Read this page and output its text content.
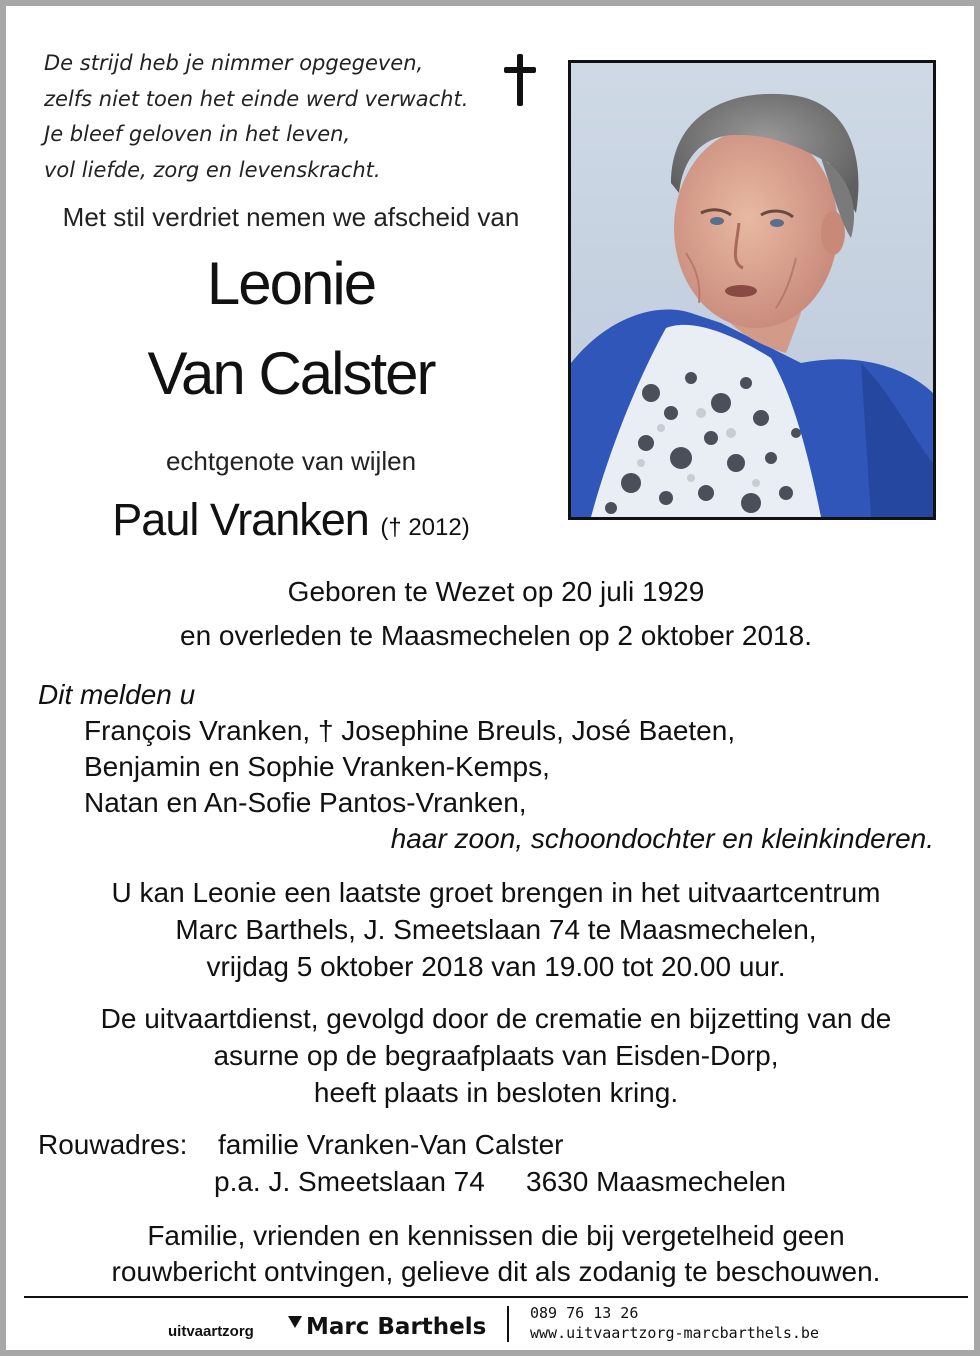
De strijd heb je nimmer opgegeven,
zelfs niet toen het einde werd verwacht.
Je bleef geloven in het leven,
vol liefde, zorg en levenskracht.
Met stil verdriet nemen we afscheid van
Leonie
Van Calster
echtgenote van wijlen
Paul Vranken († 2012)
Geboren te Wezet op 20 juli 1929
en overleden te Maasmechelen op 2 oktober 2018.
Dit melden u
François Vranken, † Josephine Breuls, José Baeten,
Benjamin en Sophie Vranken-Kemps,
Natan en An-Sofie Pantos-Vranken,
haar zoon, schoondochter en kleinkinderen.
U kan Leonie een laatste groet brengen in het uitvaartcentrum
Marc Barthels, J. Smeetslaan 74 te Maasmechelen,
vrijdag 5 oktober 2018 van 19.00 tot 20.00 uur.
De uitvaartdienst, gevolgd door de crematie en bijzetting van de
asurne op de begraafplaats van Eisden-Dorp,
heeft plaats in besloten kring.
Rouwadres: familie Vranken-Van Calster
p.a. J. Smeetslaan 74 3630 Maasmechelen
Familie, vrienden en kennissen die bij vergetelheid geen
rouwbericht ontvingen, gelieve dit als zodanig te beschouwen.
uitvaartzorg Marc Barthels
089 76 13 26
www.uitvaartzorg-marcbarthels.be
